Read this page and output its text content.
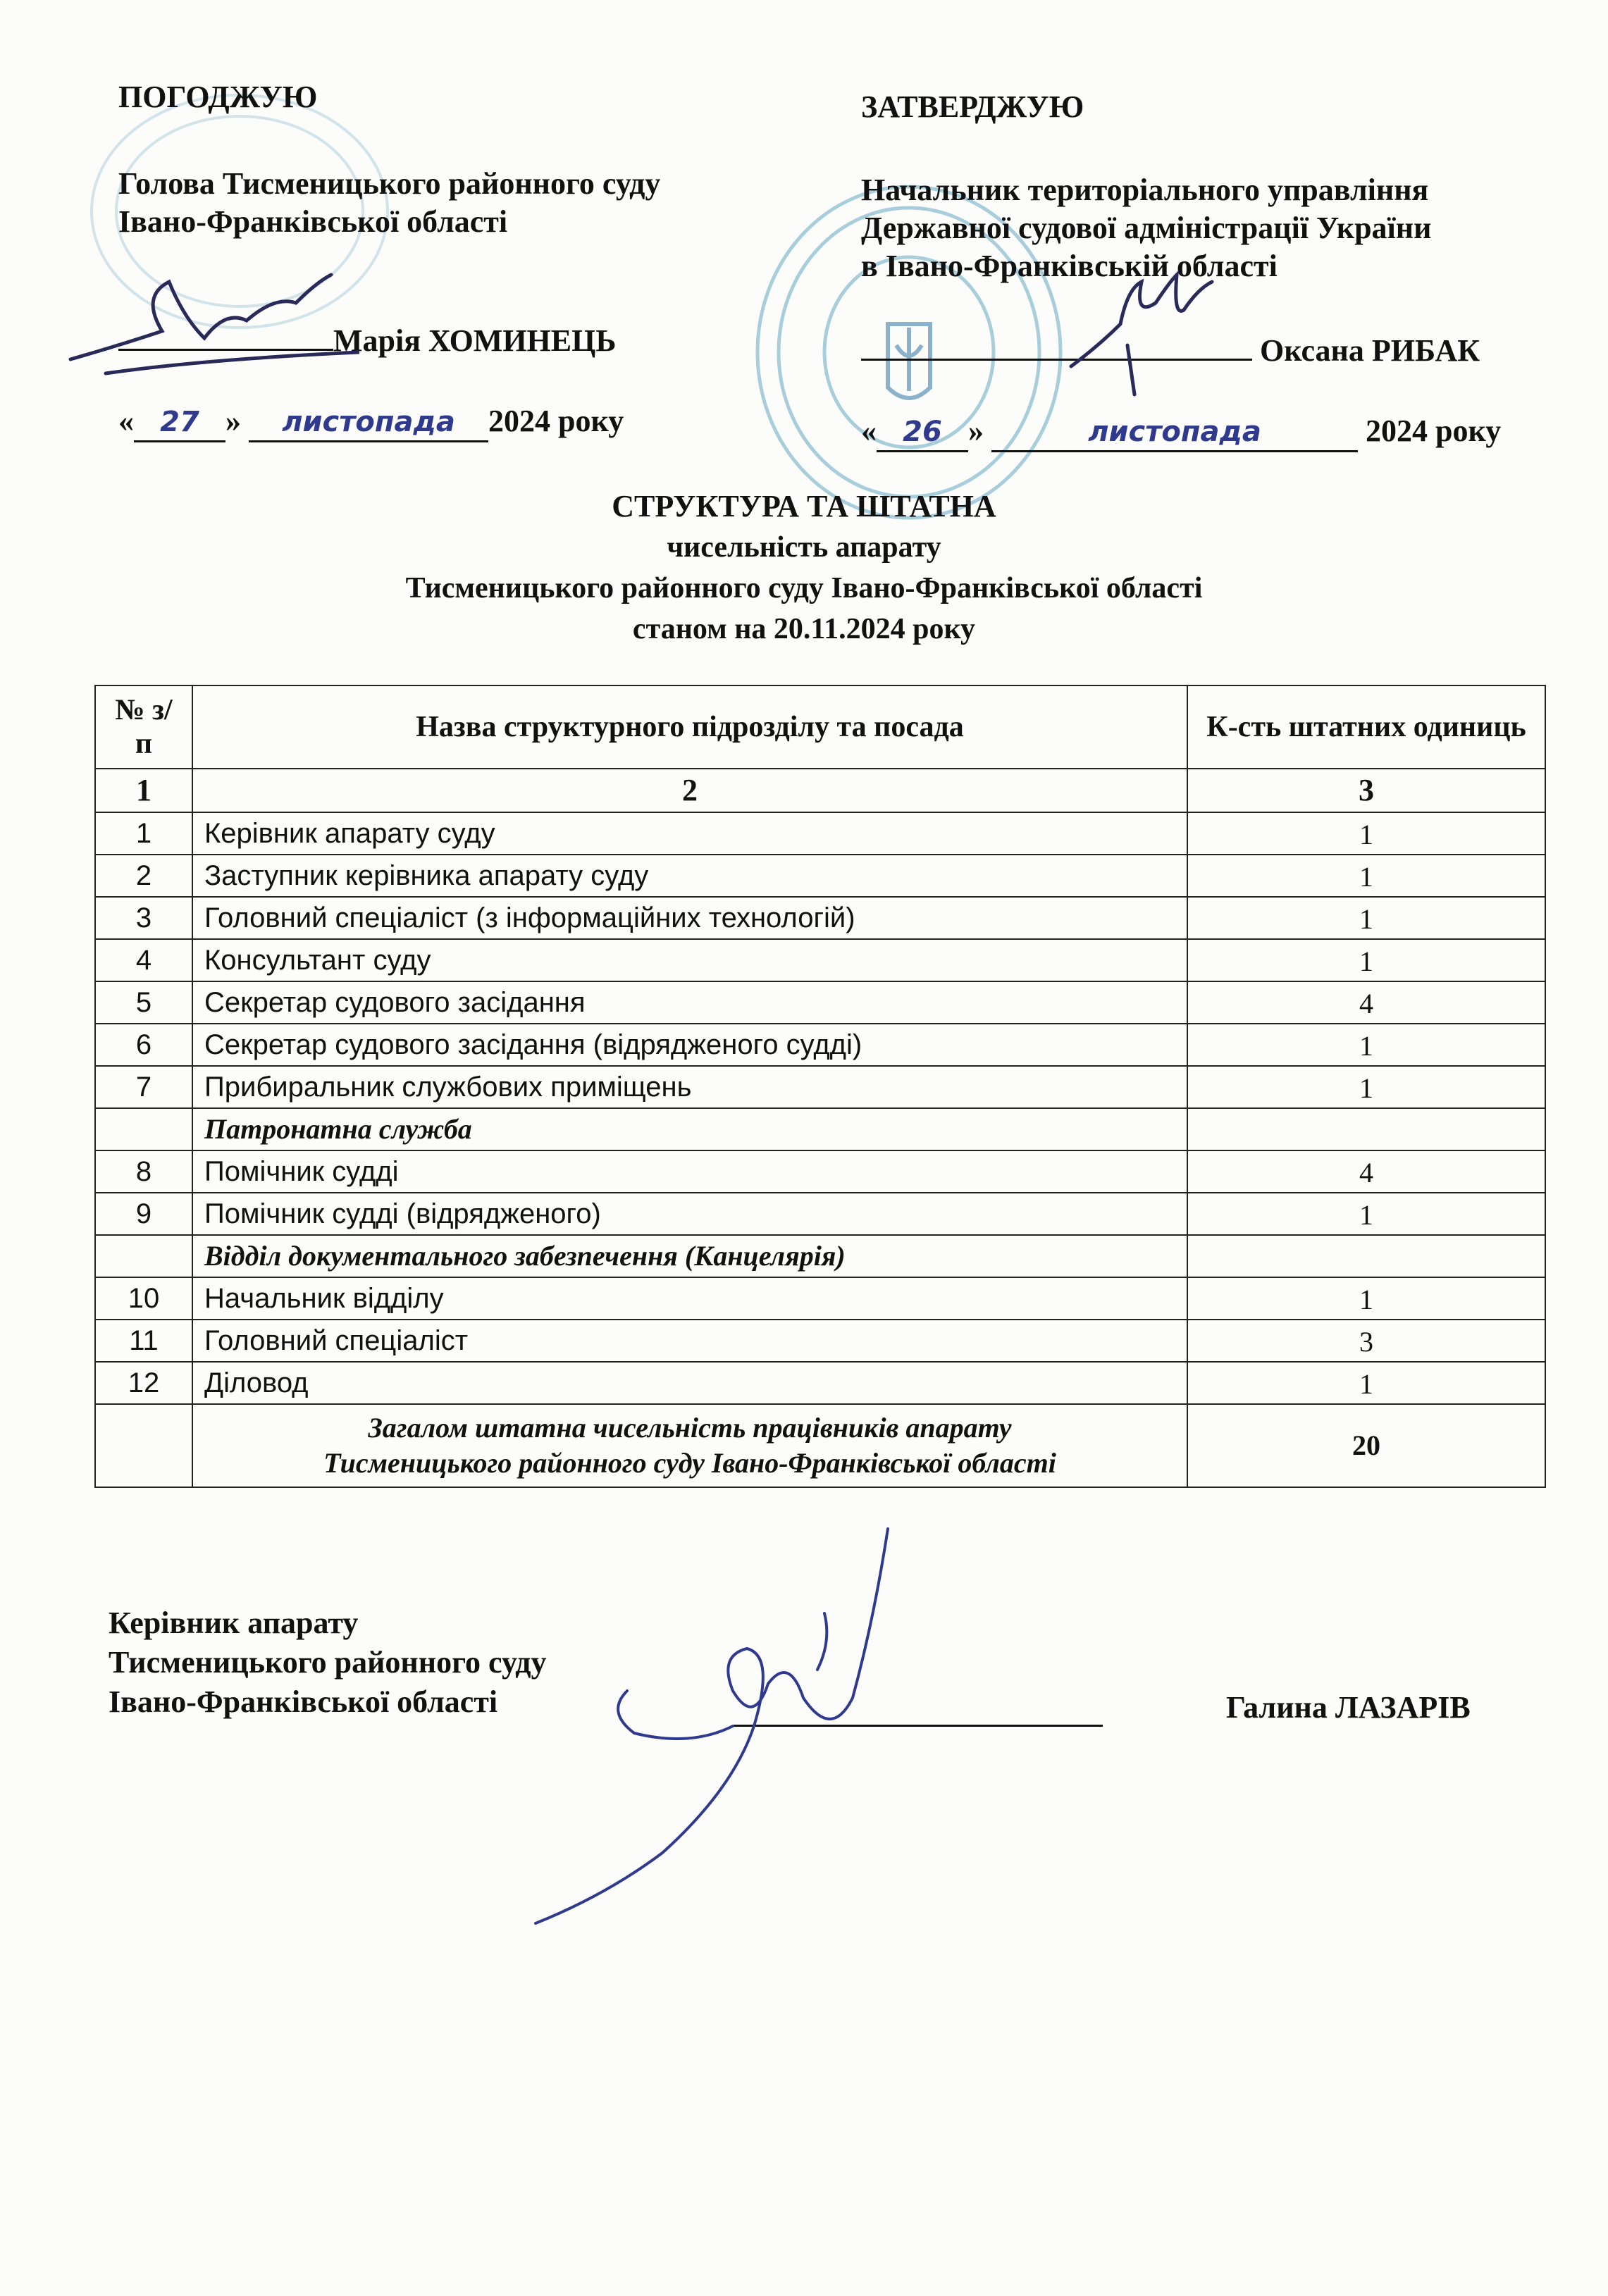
ПОГОДЖУЮ
Голова Тисменицького районного суду
Івано-Франківської області
Марія ХОМИНЕЦЬ
« 27 » листопада 2024 року
ЗАТВЕРДЖУЮ
Начальник територіального управління
Державної судової адміністрації України
в Івано-Франківській області
Оксана РИБАК
« 26 »	листопада	2024 року
СТРУКТУРА ТА ШТАТНА
чисельність апарату
Тисменицького районного суду Івано-Франківської області
станом на 20.11.2024 року
№ з/п	Назва структурного підрозділу та посада	К-сть штатних одиниць
1	2	3
1	Керівник апарату суду	1
2	Заступник керівника апарату суду	1
3	Головний спеціаліст (з інформаційних технологій)	1
4	Консультант суду	1
5	Секретар судового засідання	4
6	Секретар судового засідання (відрядженого судді)	1
7	Прибиральник службових приміщень	1
	Патронатна служба	
8	Помічник судді	4
9	Помічник судді (відрядженого)	1
	Відділ документального забезпечення (Канцелярія)	
10	Начальник відділу	1
11	Головний спеціаліст	3
12	Діловод	1

	Загалом штатна чисельність працівників апарату
Тисменицького районного суду Івано-Франківської області	20
Керівник апарату
Тисменицького районного суду
Івано-Франківської області	Галина ЛАЗАРІВ
